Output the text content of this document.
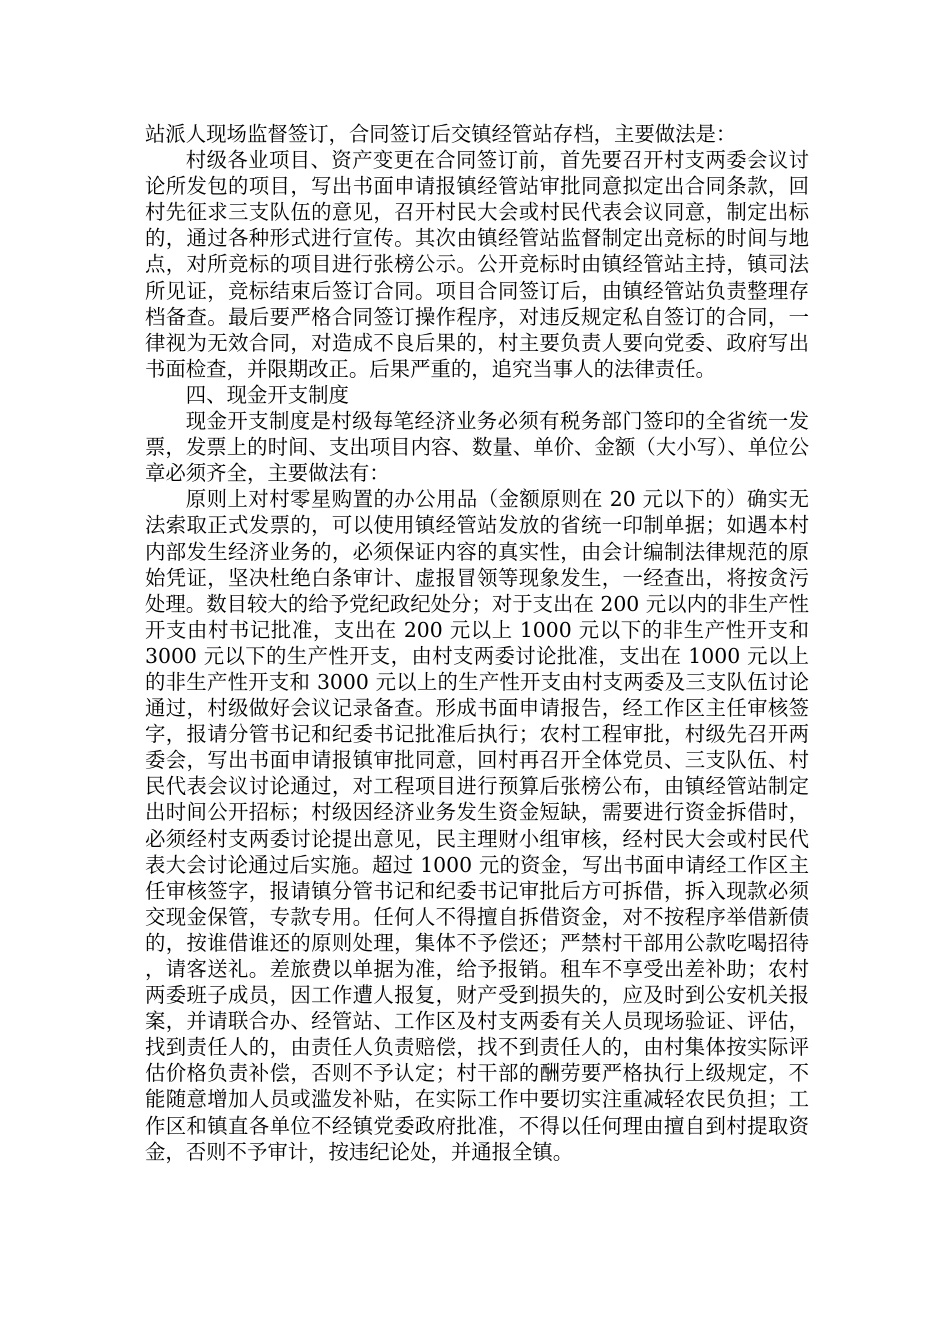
站派人现场监督签订，合同签订后交镇经管站存档，主要做法是：

村级各业项目、资产变更在合同签订前，首先要召开村支两委会议讨论所发包的项目，写出书面申请报镇经管站审批同意拟定出合同条款，回村先征求三支队伍的意见，召开村民大会或村民代表会议同意，制定出标的，通过各种形式进行宣传。其次由镇经管站监督制定出竞标的时间与地点，对所竞标的项目进行张榜公示。公开竞标时由镇经管站主持，镇司法所见证，竞标结束后签订合同。项目合同签订后，由镇经管站负责整理存档备查。最后要严格合同签订操作程序，对违反规定私自签订的合同，一律视为无效合同，对造成不良后果的，村主要负责人要向党委、政府写出书面检查，并限期改正。后果严重的，追究当事人的法律责任。

四、现金开支制度

现金开支制度是村级每笔经济业务必须有税务部门签印的全省统一发票，发票上的时间、支出项目内容、数量、单价、金额（大小写）、单位公章必须齐全，主要做法有：

原则上对村零星购置的办公用品（金额原则在 20 元以下的）确实无法索取正式发票的，可以使用镇经管站发放的省统一印制单据；如遇本村内部发生经济业务的，必须保证内容的真实性，由会计编制法律规范的原始凭证，坚决杜绝白条审计、虚报冒领等现象发生，一经查出，将按贪污处理。数目较大的给予党纪政纪处分；对于支出在 200 元以内的非生产性开支由村书记批准，支出在 200 元以上 1000 元以下的非生产性开支和 3000 元以下的生产性开支，由村支两委讨论批准，支出在 1000 元以上的非生产性开支和 3000 元以上的生产性开支由村支两委及三支队伍讨论通过，村级做好会议记录备查。形成书面申请报告，经工作区主任审核签字，报请分管书记和纪委书记批准后执行；农村工程审批，村级先召开两委会，写出书面申请报镇审批同意，回村再召开全体党员、三支队伍、村民代表会议讨论通过，对工程项目进行预算后张榜公布，由镇经管站制定出时间公开招标；村级因经济业务发生资金短缺，需要进行资金拆借时，必须经村支两委讨论提出意见，民主理财小组审核，经村民大会或村民代表大会讨论通过后实施。超过 1000 元的资金，写出书面申请经工作区主任审核签字，报请镇分管书记和纪委书记审批后方可拆借，拆入现款必须交现金保管，专款专用。任何人不得擅自拆借资金，对不按程序举借新债的，按谁借谁还的原则处理，集体不予偿还；严禁村干部用公款吃喝招待，请客送礼。差旅费以单据为准，给予报销。租车不享受出差补助；农村两委班子成员，因工作遭人报复，财产受到损失的，应及时到公安机关报案，并请联合办、经管站、工作区及村支两委有关人员现场验证、评估，找到责任人的，由责任人负责赔偿，找不到责任人的，由村集体按实际评估价格负责补偿，否则不予认定；村干部的酬劳要严格执行上级规定，不能随意增加人员或滥发补贴，在实际工作中要切实注重减轻农民负担；工作区和镇直各单位不经镇党委政府批准，不得以任何理由擅自到村提取资金，否则不予审计，按违纪论处，并通报全镇。
